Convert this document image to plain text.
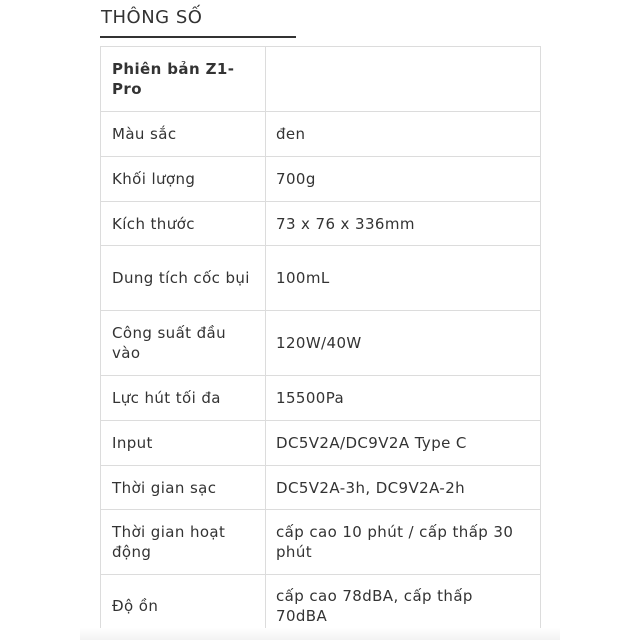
THÔNG SỐ
Phiên bản Z1-Pro	
Màu sắc	đen
Khối lượng	700g
Kích thước	73 x 76 x 336mm
Dung tích cốc bụi	100mL
Công suất đầu vào	120W/40W
Lực hút tối đa	15500Pa
Input	DC5V2A/DC9V2A Type C
Thời gian sạc	DC5V2A-3h, DC9V2A-2h
Thời gian hoạt động	cấp cao 10 phút / cấp thấp 30 phút
Độ ồn	cấp cao 78dBA, cấp thấp 70dBA
